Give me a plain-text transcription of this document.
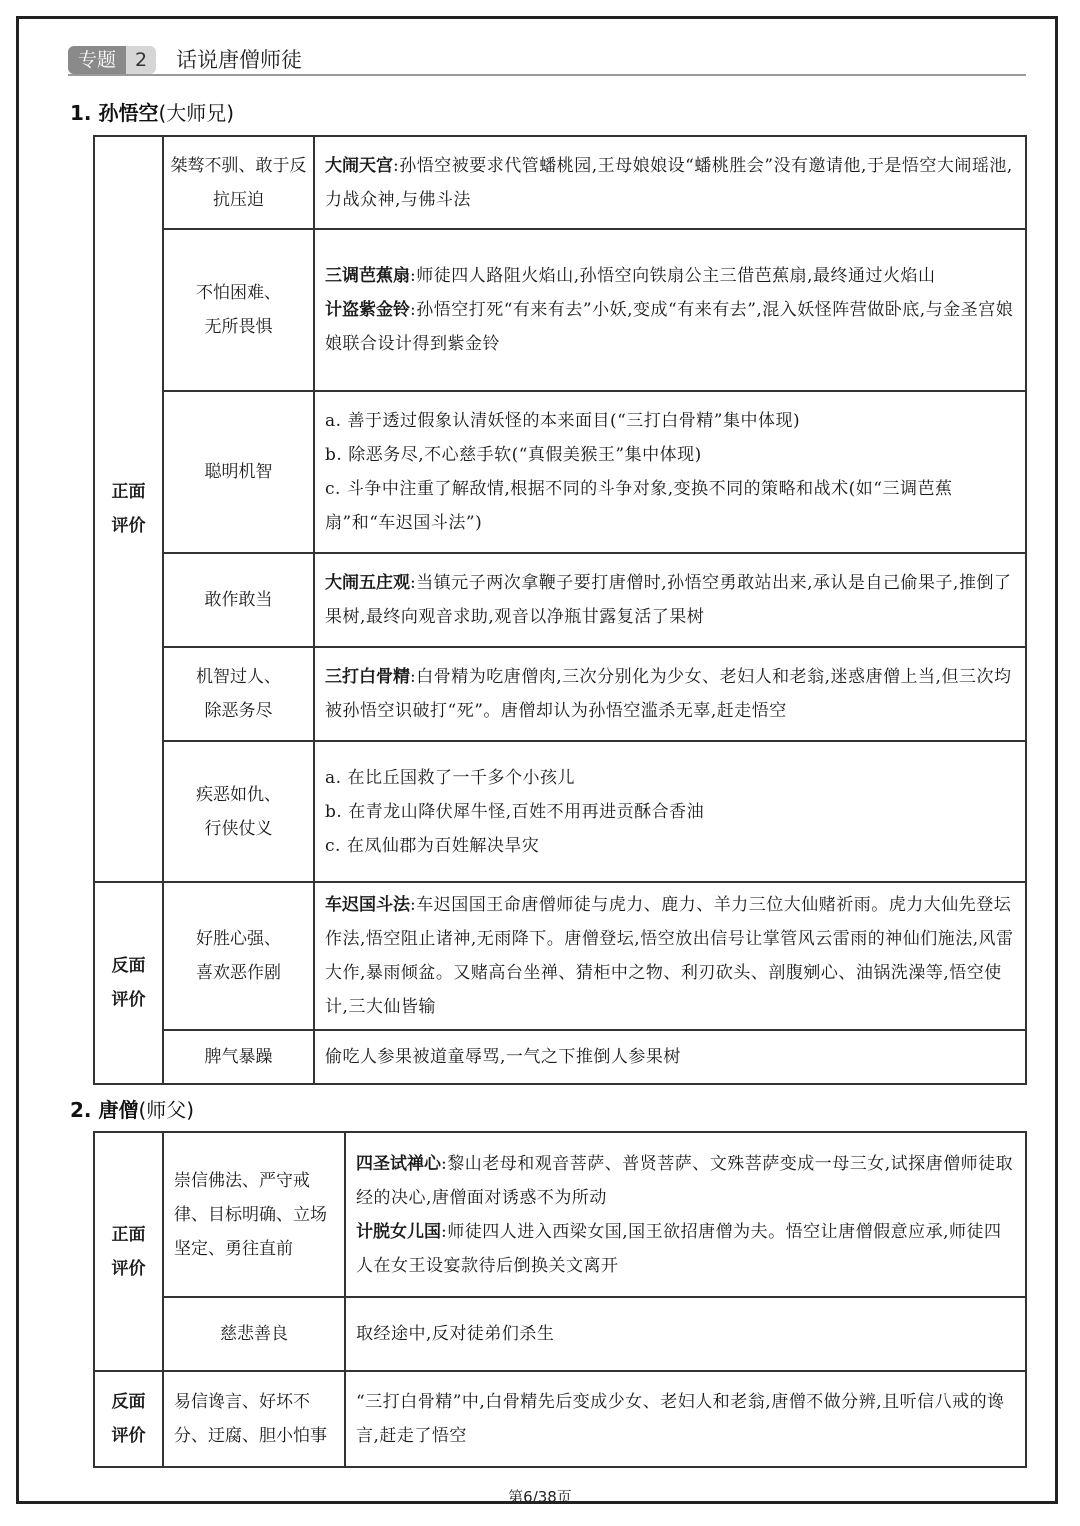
专题	2	话说唐僧师徒
1. 孙悟空(大师兄)
正面评价	桀骜不驯、敢于反抗压迫	大闹天宫:孙悟空被要求代管蟠桃园,王母娘娘设“蟠桃胜会”没有邀请他,于是悟空大闹瑶池,力战众神,与佛斗法

	不怕困难、无所畏惧	三调芭蕉扇:师徒四人路阻火焰山,孙悟空向铁扇公主三借芭蕉扇,最终通过火焰山
计盗紫金铃:孙悟空打死“有来有去”小妖,变成“有来有去”,混入妖怪阵营做卧底,与金圣宫娘娘联合设计得到紫金铃

	聪明机智	a. 善于透过假象认清妖怪的本来面目(“三打白骨精”集中体现)
b. 除恶务尽,不心慈手软(“真假美猴王”集中体现)
c. 斗争中注重了解敌情,根据不同的斗争对象,变换不同的策略和战术(如“三调芭蕉扇”和“车迟国斗法”)

	敢作敢当	大闹五庄观:当镇元子两次拿鞭子要打唐僧时,孙悟空勇敢站出来,承认是自己偷果子,推倒了果树,最终向观音求助,观音以净瓶甘露复活了果树

	机智过人、除恶务尽	三打白骨精:白骨精为吃唐僧肉,三次分别化为少女、老妇人和老翁,迷惑唐僧上当,但三次均被孙悟空识破打“死”。唐僧却认为孙悟空滥杀无辜,赶走悟空

	疾恶如仇、行侠仗义	a. 在比丘国救了一千多个小孩儿
b. 在青龙山降伏犀牛怪,百姓不用再进贡酥合香油
c. 在凤仙郡为百姓解决旱灾

反面评价	好胜心强、喜欢恶作剧	车迟国斗法:车迟国国王命唐僧师徒与虎力、鹿力、羊力三位大仙赌祈雨。虎力大仙先登坛作法,悟空阻止诸神,无雨降下。唐僧登坛,悟空放出信号让掌管风云雷雨的神仙们施法,风雷大作,暴雨倾盆。又赌高台坐禅、猜柜中之物、利刃砍头、剖腹剜心、油锅洗澡等,悟空使计,三大仙皆输

	脾气暴躁	偷吃人参果被道童辱骂,一气之下推倒人参果树
2. 唐僧(师父)
正面评价	崇信佛法、严守戒律、目标明确、立场坚定、勇往直前	四圣试禅心:黎山老母和观音菩萨、普贤菩萨、文殊菩萨变成一母三女,试探唐僧师徒取经的决心,唐僧面对诱惑不为所动
计脱女儿国:师徒四人进入西梁女国,国王欲招唐僧为夫。悟空让唐僧假意应承,师徒四人在女王设宴款待后倒换关文离开

	慈悲善良	取经途中,反对徒弟们杀生

反面评价	易信谗言、好坏不分、迂腐、胆小怕事	“三打白骨精”中,白骨精先后变成少女、老妇人和老翁,唐僧不做分辨,且听信八戒的谗言,赶走了悟空
第6/38页
